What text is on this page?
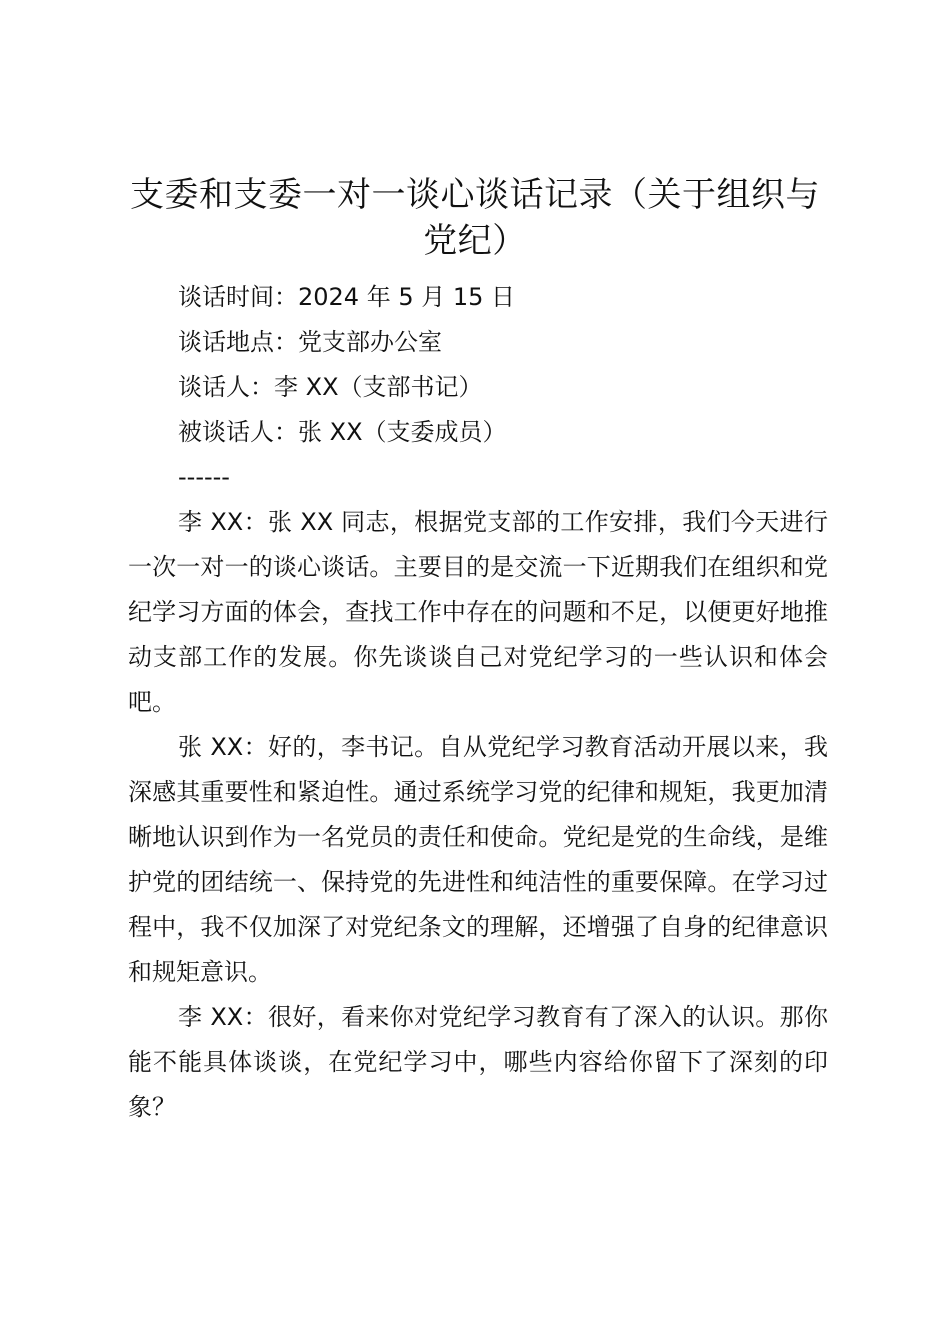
支委和支委一对一谈心谈话记录（关于组织与党纪）

谈话时间：2024 年 5 月 15 日

谈话地点：党支部办公室

谈话人：李 XX（支部书记）

被谈话人：张 XX（支委成员）

------

李 XX：张 XX 同志，根据党支部的工作安排，我们今天进行一次一对一的谈心谈话。主要目的是交流一下近期我们在组织和党纪学习方面的体会，查找工作中存在的问题和不足，以便更好地推动支部工作的发展。你先谈谈自己对党纪学习的一些认识和体会吧。

张 XX：好的，李书记。自从党纪学习教育活动开展以来，我深感其重要性和紧迫性。通过系统学习党的纪律和规矩，我更加清晰地认识到作为一名党员的责任和使命。党纪是党的生命线，是维护党的团结统一、保持党的先进性和纯洁性的重要保障。在学习过程中，我不仅加深了对党纪条文的理解，还增强了自身的纪律意识和规矩意识。

李 XX：很好，看来你对党纪学习教育有了深入的认识。那你能不能具体谈谈，在党纪学习中，哪些内容给你留下了深刻的印象？
